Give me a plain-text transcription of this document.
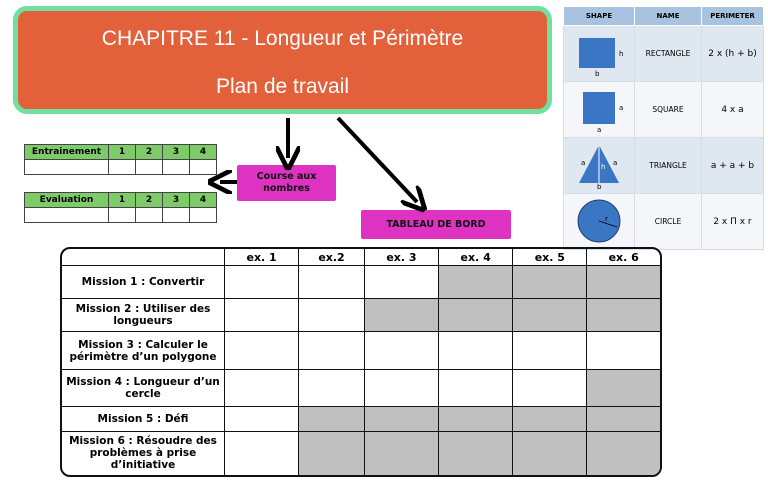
CHAPITRE 11 - Longueur et Périmètre
Plan de travail
Entrainement	1	2	3	4

Evaluation	1	2	3	4

Course aux nombres
TABLEAU DE BORD
SHAPE	NAME	PERIMETER

h
b	RECTANGLE	2 x (h + b)

a
a	SQUARE	4 x a

a h a
b	TRIANGLE	a + a + b

r	CIRCLE	2 x Π x r
	ex. 1	ex.2	ex. 3	ex. 4	ex. 5	ex. 6
Mission 1 : Convertir						
Mission 2 : Utiliser des longueurs						
Mission 3 : Calculer le périmètre d’un polygone						
Mission 4 : Longueur d’un cercle						
Mission 5 : Défi						
Mission 6 : Résoudre des problèmes à prise d’initiative						
